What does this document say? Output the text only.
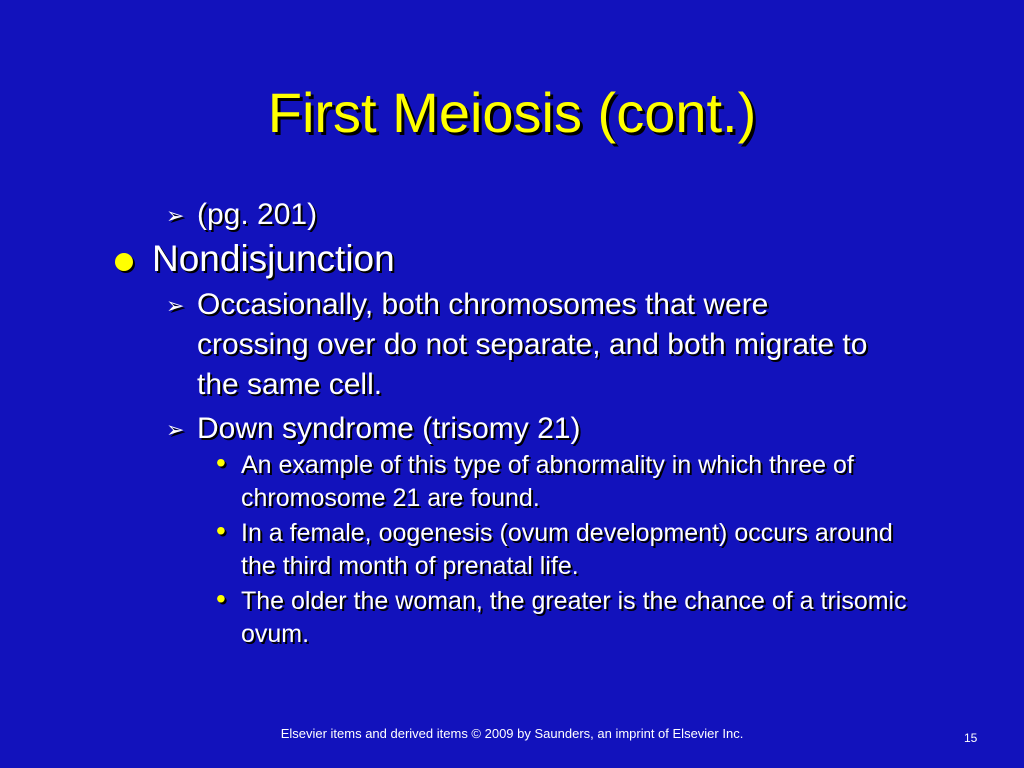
First Meiosis (cont.)
➢ (pg. 201)
Nondisjunction
➢ Occasionally, both chromosomes that were crossing over do not separate, and both migrate to the same cell.
➢ Down syndrome (trisomy 21)
• An example of this type of abnormality in which three of chromosome 21 are found.
• In a female, oogenesis (ovum development) occurs around the third month of prenatal life.
• The older the woman, the greater is the chance of a trisomic ovum.
Elsevier items and derived items © 2009 by Saunders, an imprint of Elsevier Inc.	15
